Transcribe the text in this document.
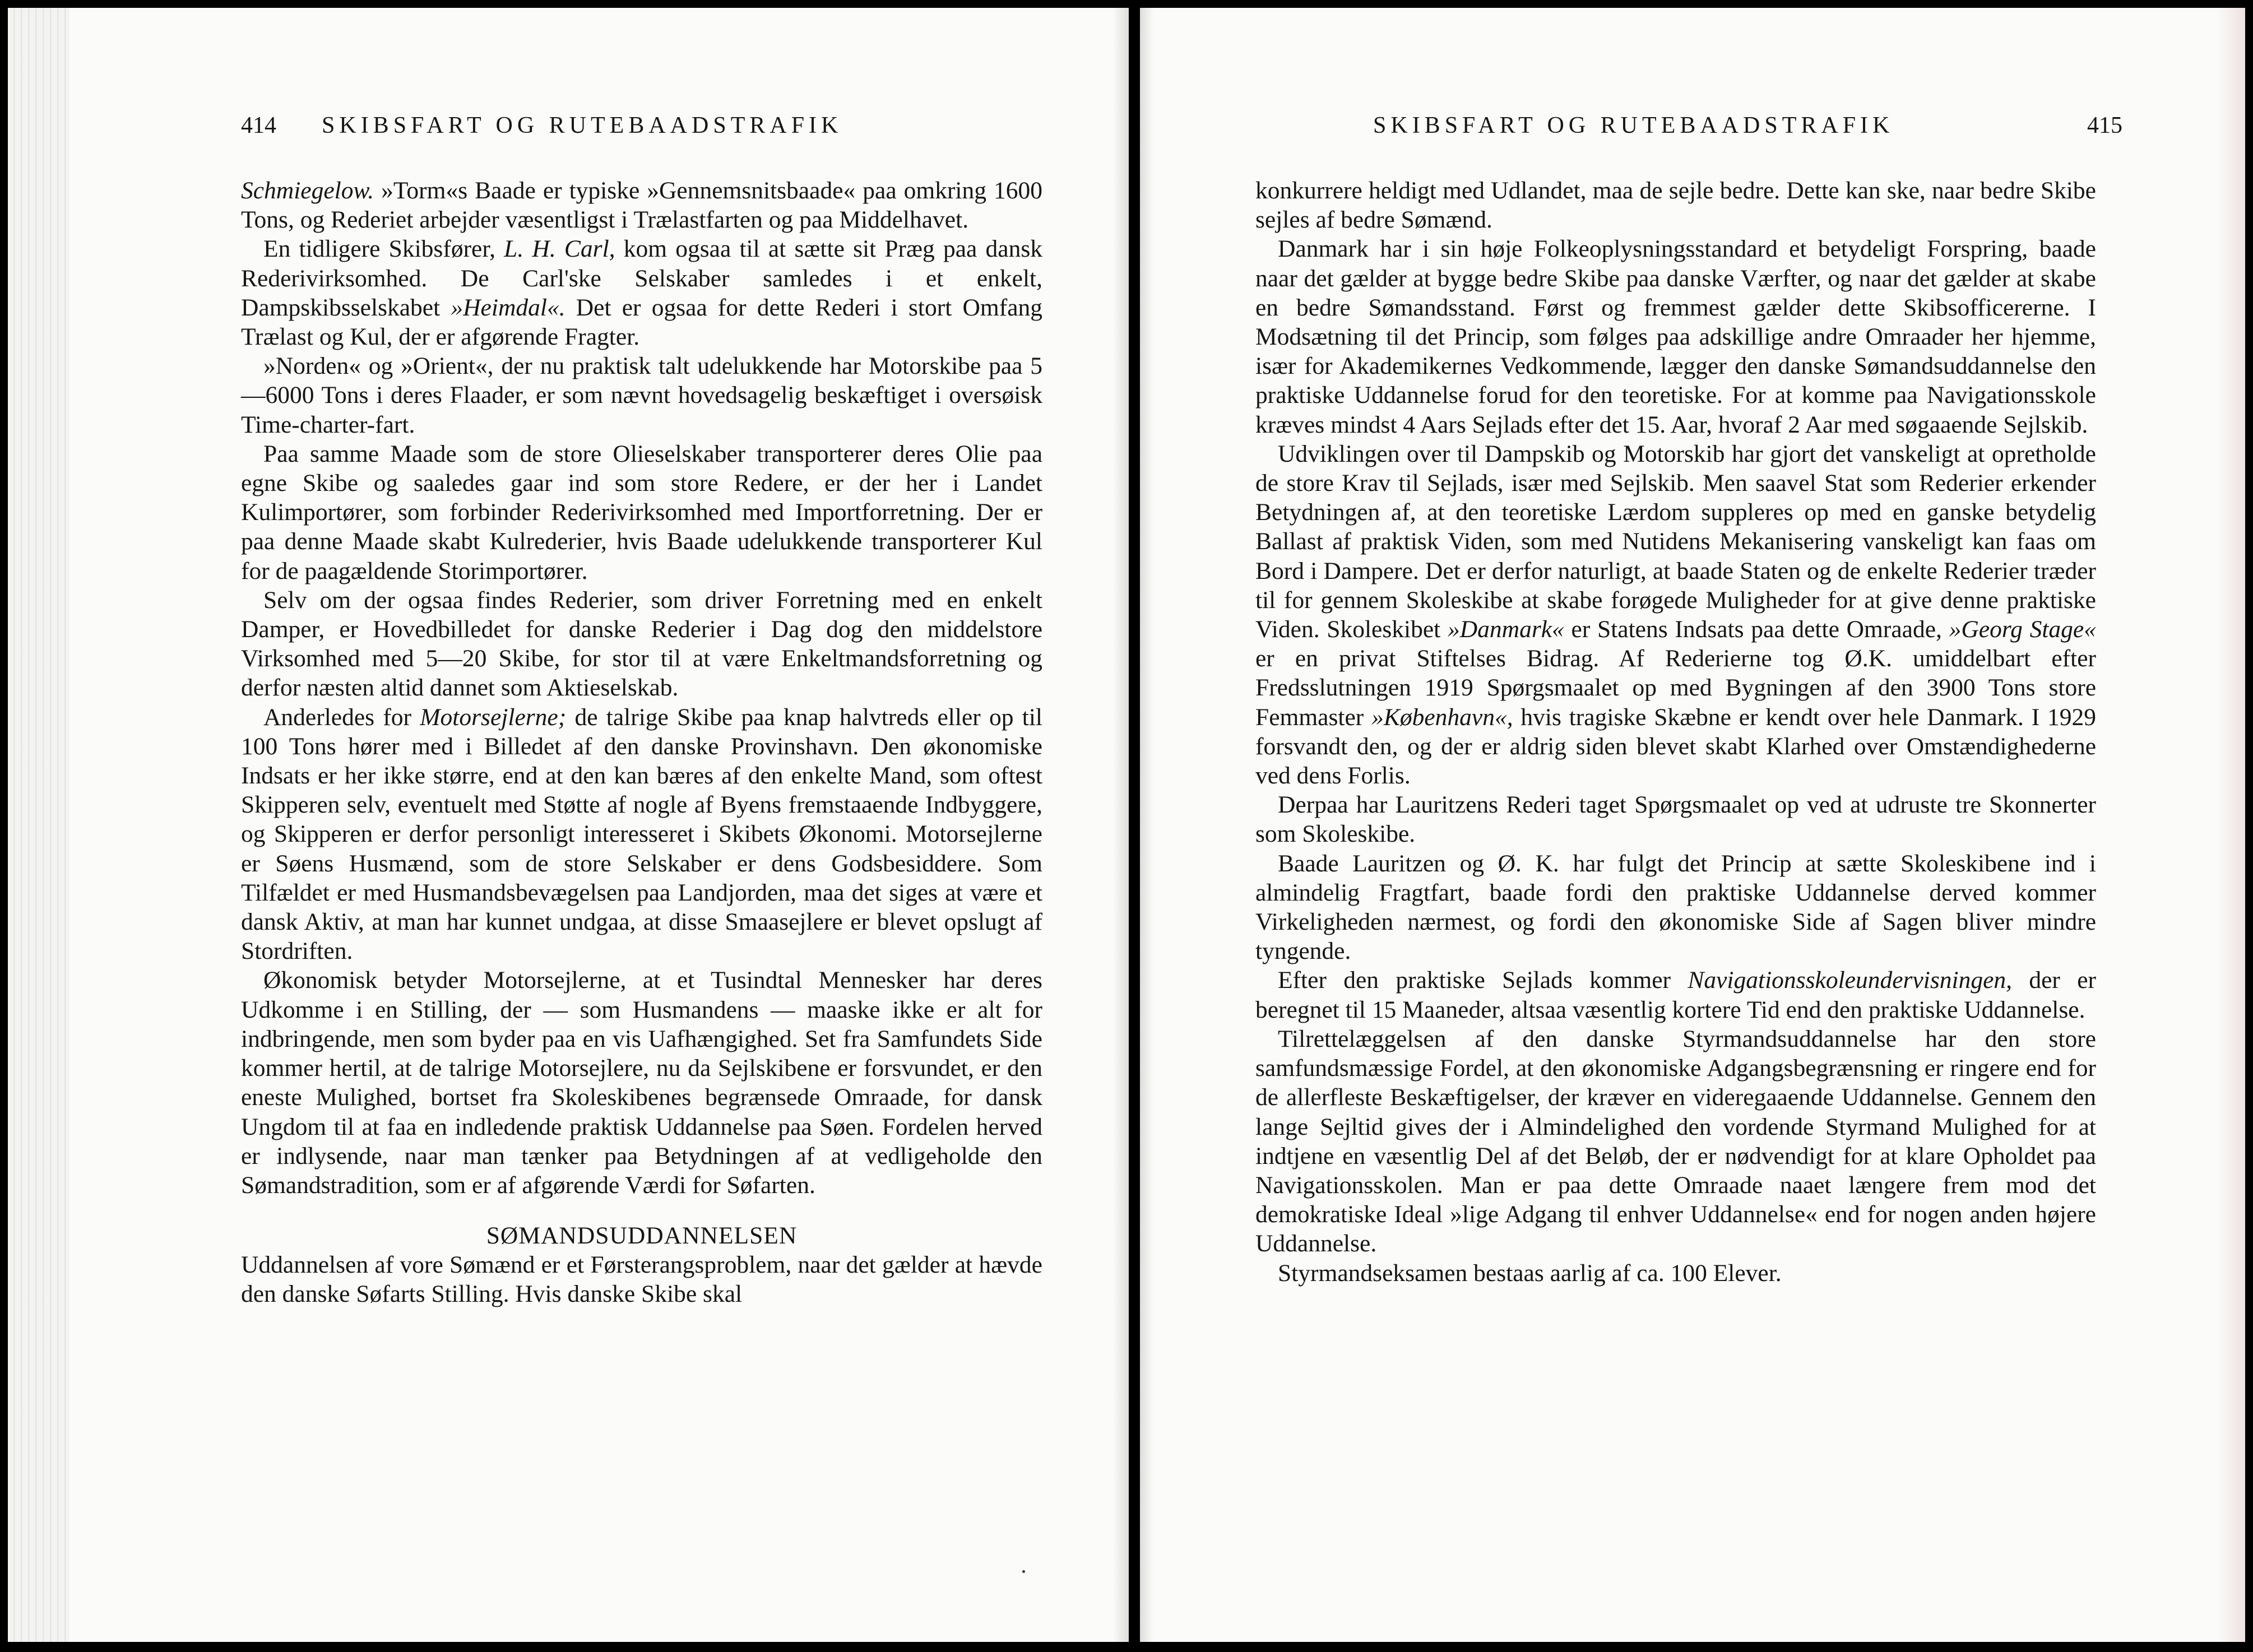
414 SKIBSFART OG RUTEBAADSTRAFIK

Schmiegelow. »Torm«s Baade er typiske »Gennemsnitsbaade« paa omkring 1600 Tons, og Rederiet arbejder væsentligst i Trælastfarten og paa Middelhavet.

En tidligere Skibsfører, L. H. Carl, kom ogsaa til at sætte sit Præg paa dansk Rederivirksomhed. De Carl'ske Selskaber samledes i et enkelt, Dampskibsselskabet »Heimdal«. Det er ogsaa for dette Rederi i stort Omfang Trælast og Kul, der er afgørende Fragter.

»Norden« og »Orient«, der nu praktisk talt udelukkende har Motorskibe paa 5—6000 Tons i deres Flaader, er som nævnt hovedsagelig beskæftiget i oversøisk Time-charter-fart.

Paa samme Maade som de store Olieselskaber transporterer deres Olie paa egne Skibe og saaledes gaar ind som store Redere, er der her i Landet Kulimportører, som forbinder Rederivirksomhed med Importforretning. Der er paa denne Maade skabt Kulrederier, hvis Baade udelukkende transporterer Kul for de paagældende Storimportører.

Selv om der ogsaa findes Rederier, som driver Forretning med en enkelt Damper, er Hovedbilledet for danske Rederier i Dag dog den middelstore Virksomhed med 5—20 Skibe, for stor til at være Enkeltmandsforretning og derfor næsten altid dannet som Aktieselskab.

Anderledes for Motorsejlerne; de talrige Skibe paa knap halvtreds eller op til 100 Tons hører med i Billedet af den danske Provinshavn. Den økonomiske Indsats er her ikke større, end at den kan bæres af den enkelte Mand, som oftest Skipperen selv, eventuelt med Støtte af nogle af Byens fremstaaende Indbyggere, og Skipperen er derfor personligt interesseret i Skibets Økonomi. Motorsejlerne er Søens Husmænd, som de store Selskaber er dens Godsbesiddere. Som Tilfældet er med Husmandsbevægelsen paa Landjorden, maa det siges at være et dansk Aktiv, at man har kunnet undgaa, at disse Smaasejlere er blevet opslugt af Stordriften.

Økonomisk betyder Motorsejlerne, at et Tusindtal Mennesker har deres Udkomme i en Stilling, der — som Husmandens — maaske ikke er alt for indbringende, men som byder paa en vis Uafhængighed. Set fra Samfundets Side kommer hertil, at de talrige Motorsejlere, nu da Sejlskibene er forsvundet, er den eneste Mulighed, bortset fra Skoleskibenes begrænsede Omraade, for dansk Ungdom til at faa en indledende praktisk Uddannelse paa Søen. Fordelen herved er indlysende, naar man tænker paa Betydningen af at vedligeholde den Sømandstradition, som er af afgørende Værdi for Søfarten.

SØMANDSUDDANNELSEN

Uddannelsen af vore Sømænd er et Førsterangsproblem, naar det gælder at hævde den danske Søfarts Stilling. Hvis danske Skibe skal

SKIBSFART OG RUTEBAADSTRAFIK	415

konkurrere heldigt med Udlandet, maa de sejle bedre. Dette kan ske, naar bedre Skibe sejles af bedre Sømænd.

Danmark har i sin høje Folkeoplysningsstandard et betydeligt Forspring, baade naar det gælder at bygge bedre Skibe paa danske Værfter, og naar det gælder at skabe en bedre Sømandsstand. Først og fremmest gælder dette Skibsofficererne. I Modsætning til det Princip, som følges paa adskillige andre Omraader her hjemme, især for Akademikernes Vedkommende, lægger den danske Sømandsuddannelse den praktiske Uddannelse forud for den teoretiske. For at komme paa Navigationsskole kræves mindst 4 Aars Sejlads efter det 15. Aar, hvoraf 2 Aar med søgaaende Sejlskib.

Udviklingen over til Dampskib og Motorskib har gjort det vanskeligt at opretholde de store Krav til Sejlads, især med Sejlskib. Men saavel Stat som Rederier erkender Betydningen af, at den teoretiske Lærdom suppleres op med en ganske betydelig Ballast af praktisk Viden, som med Nutidens Mekanisering vanskeligt kan faas om Bord i Dampere. Det er derfor naturligt, at baade Staten og de enkelte Rederier træder til for gennem Skoleskibe at skabe forøgede Muligheder for at give denne praktiske Viden. Skoleskibet »Danmark« er Statens Indsats paa dette Omraade, »Georg Stage« er en privat Stiftelses Bidrag. Af Rederierne tog Ø.K. umiddelbart efter Fredsslutningen 1919 Spørgsmaalet op med Bygningen af den 3900 Tons store Femmaster »København«, hvis tragiske Skæbne er kendt over hele Danmark. I 1929 forsvandt den, og der er aldrig siden blevet skabt Klarhed over Omstændighederne ved dens Forlis.

Derpaa har Lauritzens Rederi taget Spørgsmaalet op ved at udruste tre Skonnerter som Skoleskibe.

Baade Lauritzen og Ø. K. har fulgt det Princip at sætte Skoleskibene ind i almindelig Fragtfart, baade fordi den praktiske Uddannelse derved kommer Virkeligheden nærmest, og fordi den økonomiske Side af Sagen bliver mindre tyngende.

Efter den praktiske Sejlads kommer Navigationsskoleundervisningen, der er beregnet til 15 Maaneder, altsaa væsentlig kortere Tid end den praktiske Uddannelse.

Tilrettelæggelsen af den danske Styrmandsuddannelse har den store samfundsmæssige Fordel, at den økonomiske Adgangsbegrænsning er ringere end for de allerfleste Beskæftigelser, der kræver en videregaaende Uddannelse. Gennem den lange Sejltid gives der i Almindelighed den vordende Styrmand Mulighed for at indtjene en væsentlig Del af det Beløb, der er nødvendigt for at klare Opholdet paa Navigationsskolen. Man er paa dette Omraade naaet længere frem mod det demokratiske Ideal »lige Adgang til enhver Uddannelse« end for nogen anden højere Uddannelse.

Styrmandseksamen bestaas aarlig af ca. 100 Elever.
